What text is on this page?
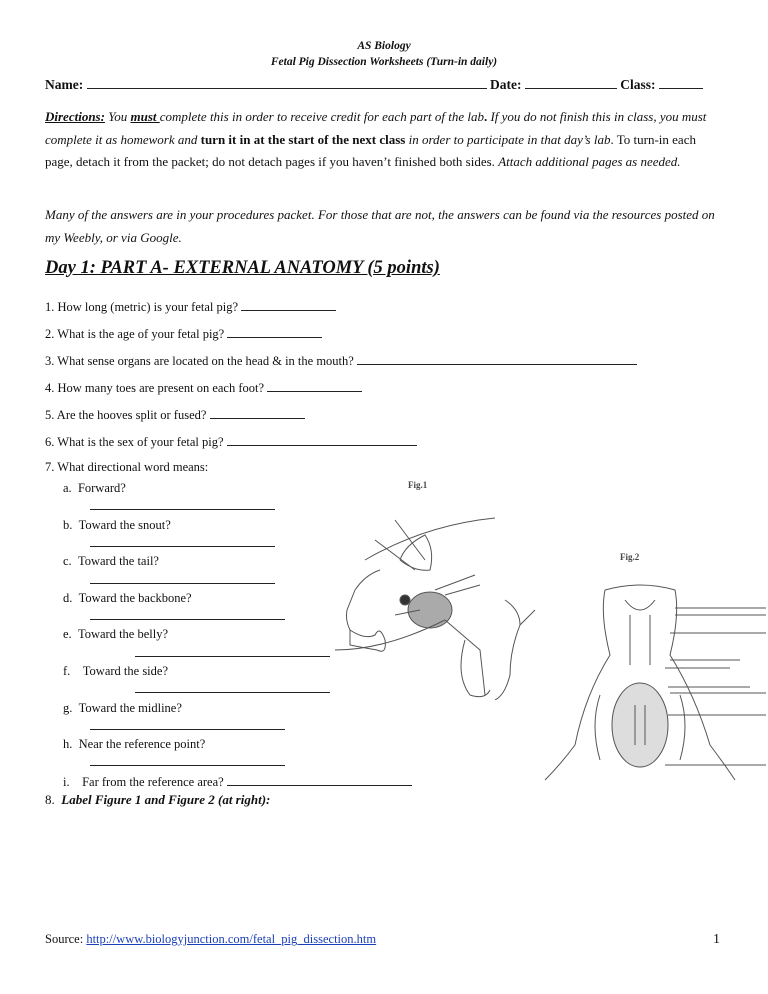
AS Biology
Fetal Pig Dissection Worksheets (Turn-in daily)
Name:	Date:	Class:
Directions: You must complete this in order to receive credit for each part of the lab. If you do not finish this in class, you must complete it as homework and turn it in at the start of the next class in order to participate in that day’s lab. To turn-in each page, detach it from the packet; do not detach pages if you haven’t finished both sides. Attach additional pages as needed.
Many of the answers are in your procedures packet. For those that are not, the answers can be found via the resources posted on my Weebly, or via Google.
Day 1: PART A- EXTERNAL ANATOMY (5 points)
1. How long (metric) is your fetal pig?
2. What is the age of your fetal pig?
3. What sense organs are located on the head & in the mouth?
4. How many toes are present on each foot?
5. Are the hooves split or fused?
6. What is the sex of your fetal pig?
7. What directional word means:
a. Forward?
b. Toward the snout?
c. Toward the tail?
d. Toward the backbone?
e. Toward the belly?
f. Toward the side?
g. Toward the midline?
h. Near the reference point?
i. Far from the reference area?
8. Label Figure 1 and Figure 2 (at right):
Fig.1
Fig.2
Source: http://www.biologyjunction.com/fetal_pig_dissection.htm	1
